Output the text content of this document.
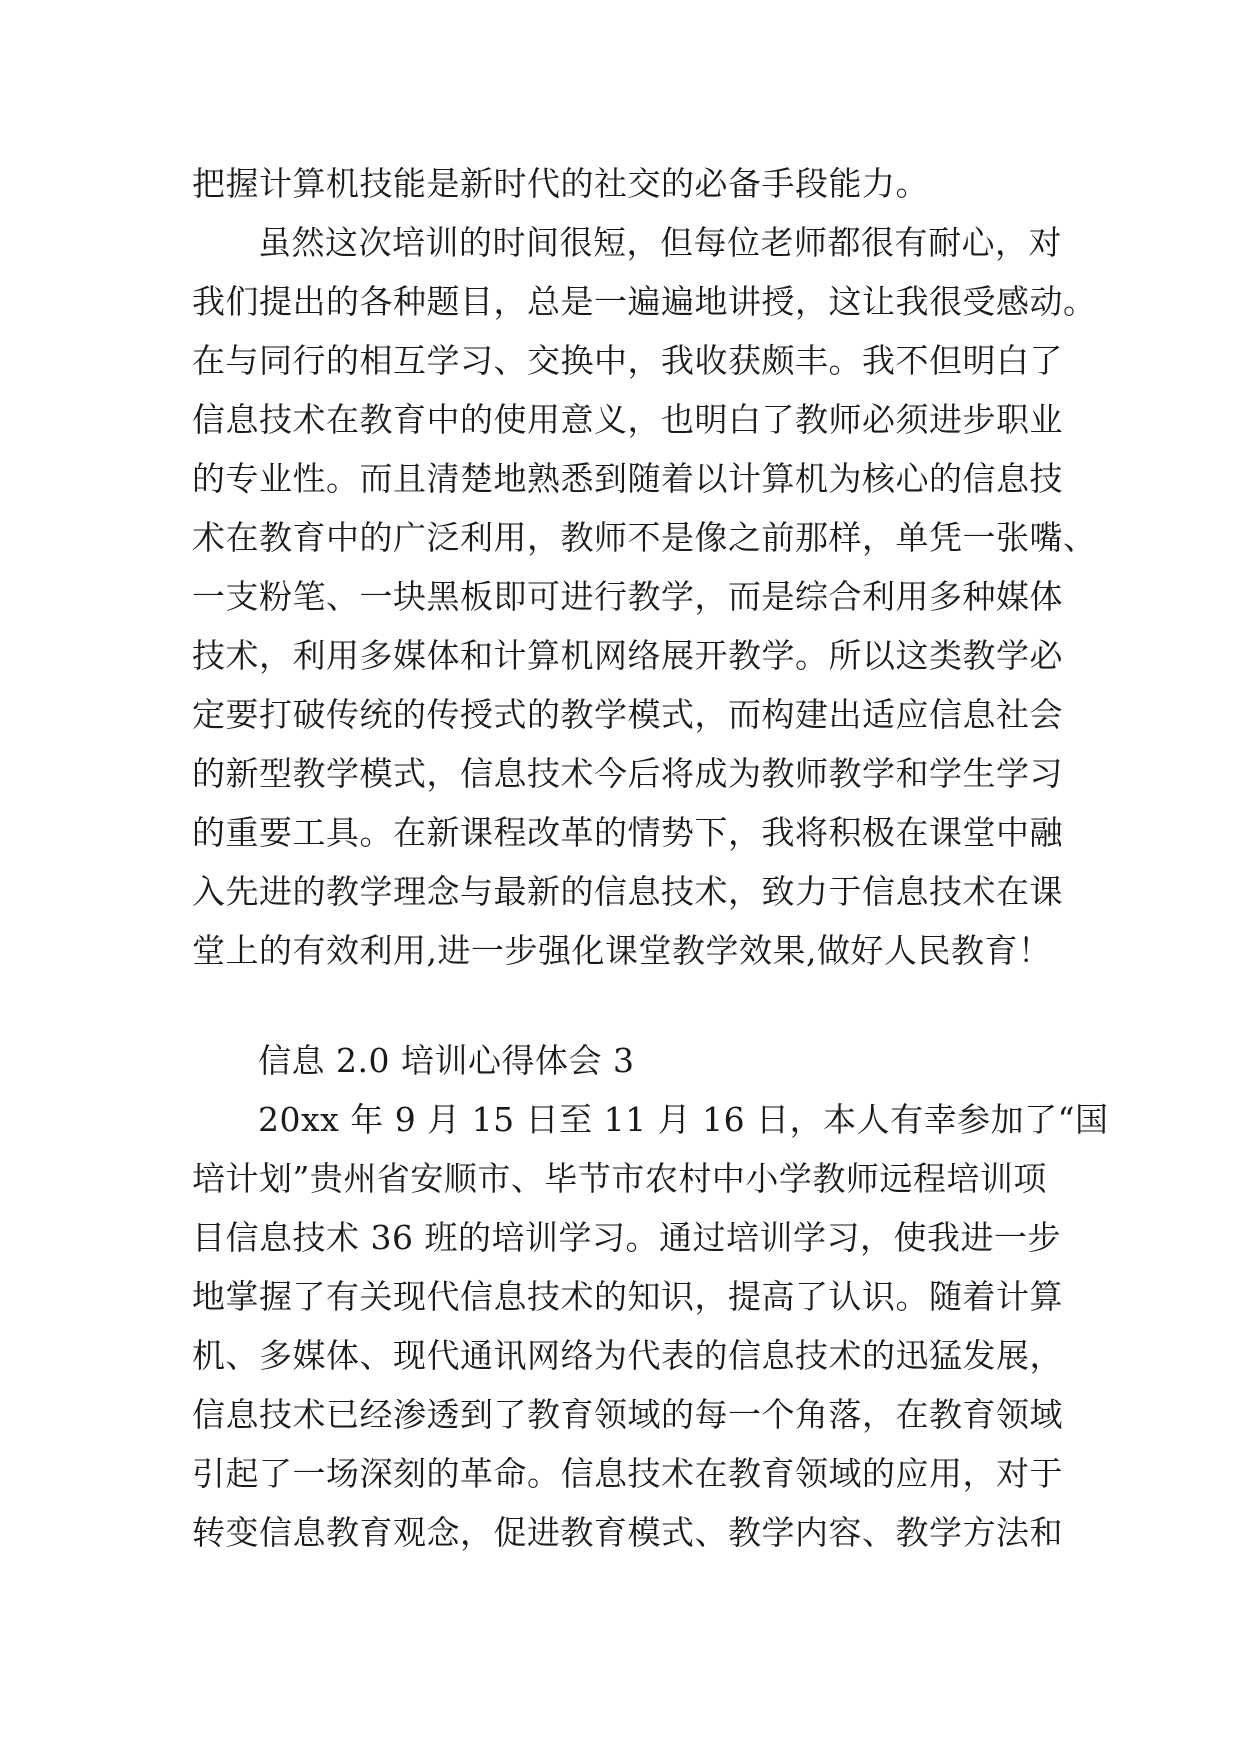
把握计算机技能是新时代的社交的必备手段能力。
虽然这次培训的时间很短，但每位老师都很有耐心，对
我们提出的各种题目，总是一遍遍地讲授，这让我很受感动。
在与同行的相互学习、交换中，我收获颇丰。我不但明白了
信息技术在教育中的使用意义，也明白了教师必须进步职业
的专业性。而且清楚地熟悉到随着以计算机为核心的信息技
术在教育中的广泛利用，教师不是像之前那样，单凭一张嘴、
一支粉笔、一块黑板即可进行教学，而是综合利用多种媒体
技术，利用多媒体和计算机网络展开教学。所以这类教学必
定要打破传统的传授式的教学模式，而构建出适应信息社会
的新型教学模式，信息技术今后将成为教师教学和学生学习
的重要工具。在新课程改革的情势下，我将积极在课堂中融
入先进的教学理念与最新的信息技术，致力于信息技术在课
堂上的有效利用,进一步强化课堂教学效果,做好人民教育！
信息 2.0 培训心得体会 3
20xx 年 9 月 15 日至 11 月 16 日，本人有幸参加了“国
培计划”贵州省安顺市、毕节市农村中小学教师远程培训项
目信息技术 36 班的培训学习。通过培训学习，使我进一步
地掌握了有关现代信息技术的知识，提高了认识。随着计算
机、多媒体、现代通讯网络为代表的信息技术的迅猛发展，
信息技术已经渗透到了教育领域的每一个角落，在教育领域
引起了一场深刻的革命。信息技术在教育领域的应用，对于
转变信息教育观念，促进教育模式、教学内容、教学方法和
